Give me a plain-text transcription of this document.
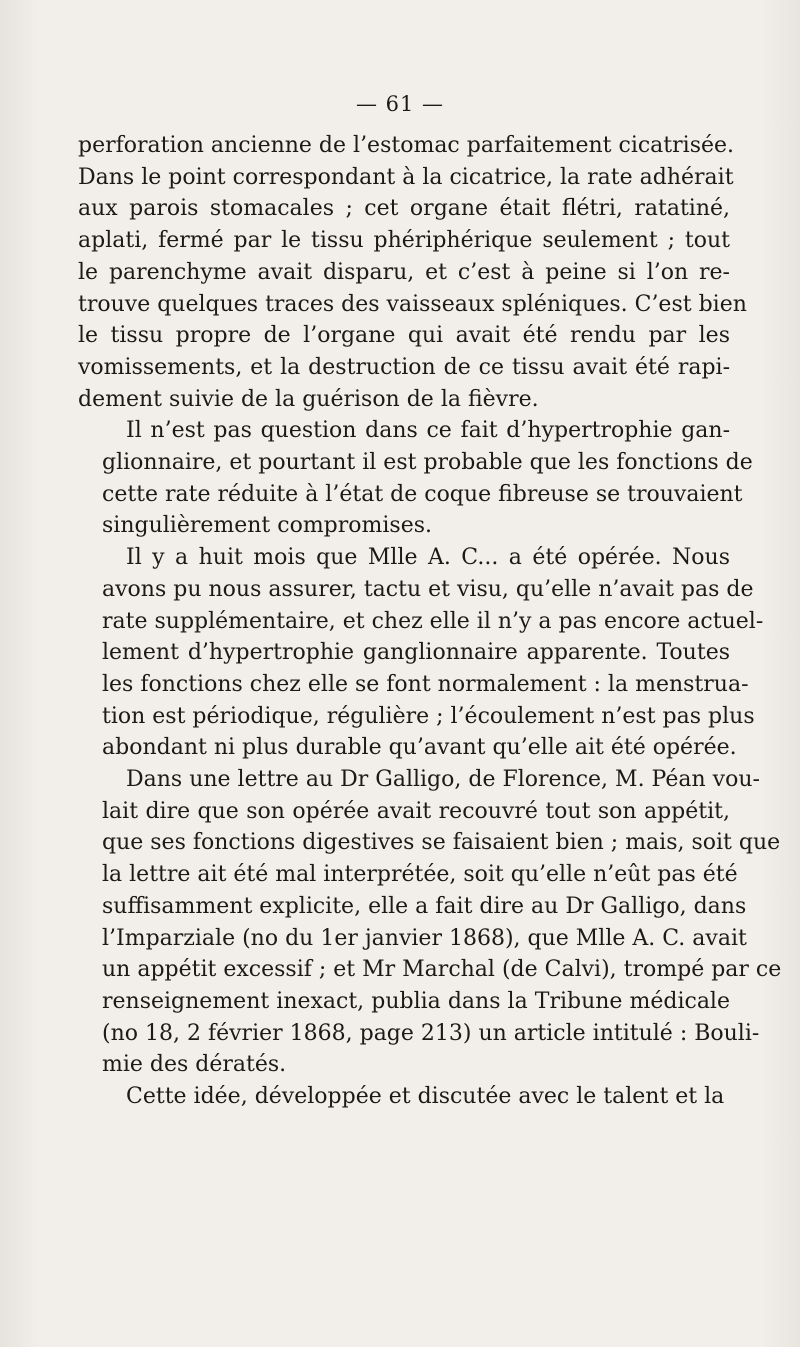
— 61 —

perforation ancienne de l’estomac parfaitement cicatrisée.
Dans le point correspondant à la cicatrice, la rate adhérait
aux parois stomacales ; cet organe était flétri, ratatiné,
aplati, fermé par le tissu phériphérique seulement ; tout
le parenchyme avait disparu, et c’est à peine si l’on re-
trouve quelques traces des vaisseaux spléniques. C’est bien
le tissu propre de l’organe qui avait été rendu par les
vomissements, et la destruction de ce tissu avait été rapi-
dement suivie de la guérison de la fièvre.

Il n’est pas question dans ce fait d’hypertrophie gan-
glionnaire, et pourtant il est probable que les fonctions de
cette rate réduite à l’état de coque fibreuse se trouvaient
singulièrement compromises.

Il y a huit mois que Mlle A. C... a été opérée. Nous
avons pu nous assurer, tactu et visu, qu’elle n’avait pas de
rate supplémentaire, et chez elle il n’y a pas encore actuel-
lement d’hypertrophie ganglionnaire apparente. Toutes
les fonctions chez elle se font normalement : la menstrua-
tion est périodique, régulière ; l’écoulement n’est pas plus
abondant ni plus durable qu’avant qu’elle ait été opérée.

Dans une lettre au Dr Galligo, de Florence, M. Péan vou-
lait dire que son opérée avait recouvré tout son appétit,
que ses fonctions digestives se faisaient bien ; mais, soit que
la lettre ait été mal interprétée, soit qu’elle n’eût pas été
suffisamment explicite, elle a fait dire au Dr Galligo, dans
l’Imparziale (no du 1er janvier 1868), que Mlle A. C. avait
un appétit excessif ; et Mr Marchal (de Calvi), trompé par ce
renseignement inexact, publia dans la Tribune médicale
(no 18, 2 février 1868, page 213) un article intitulé : Bouli-
mie des dératés.

Cette idée, développée et discutée avec le talent et la
